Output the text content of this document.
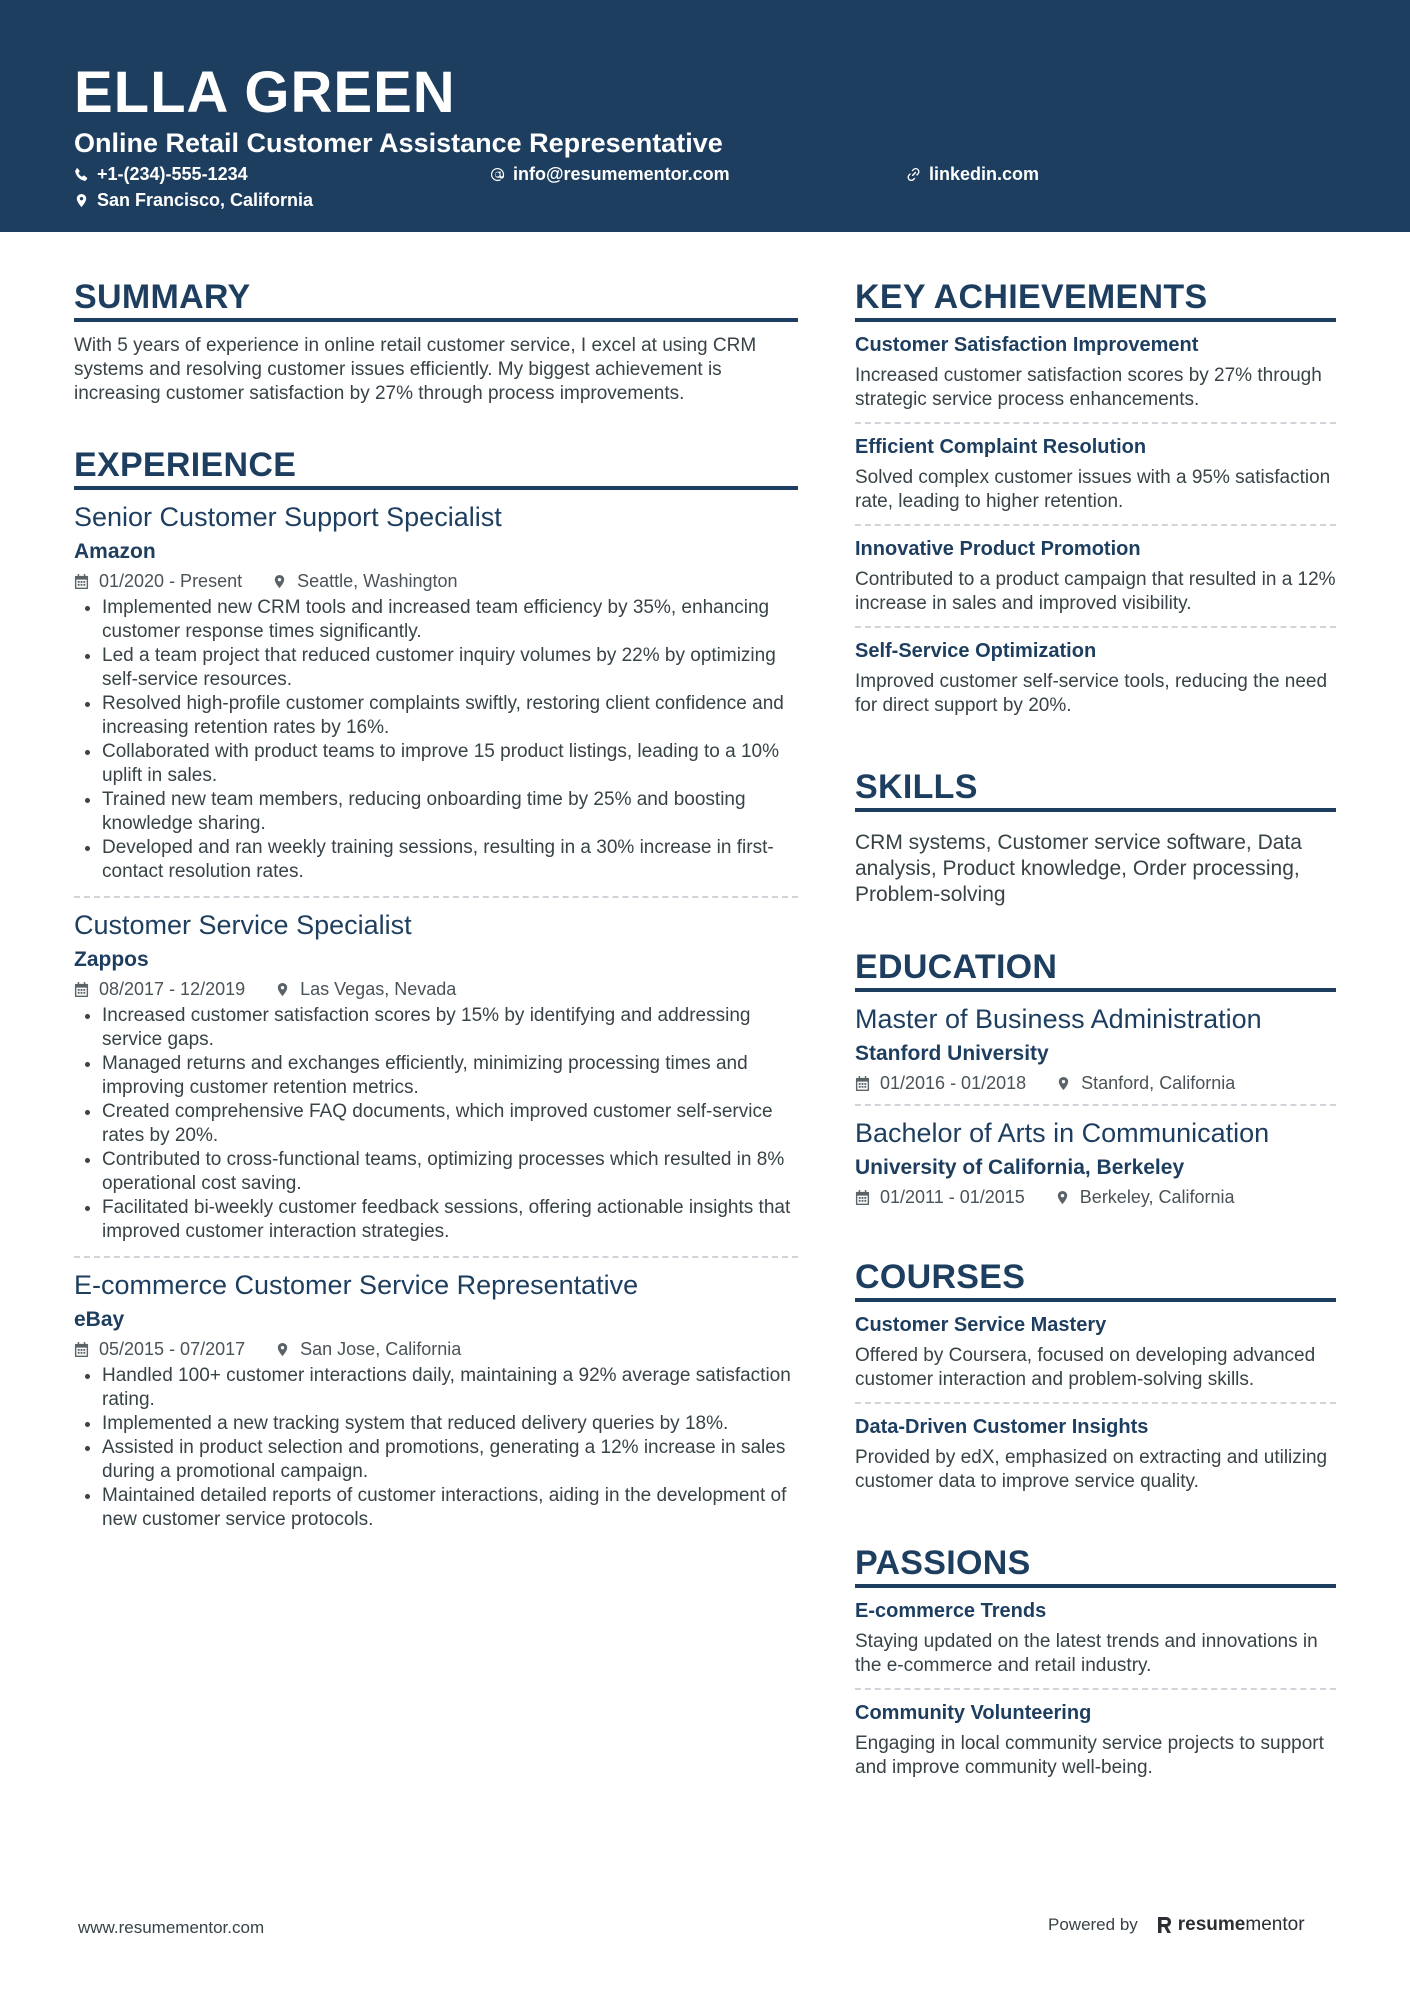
ELLA GREEN
Online Retail Customer Assistance Representative
+1-(234)-555-1234	info@resumementor.com	linkedin.com
San Francisco, California
SUMMARY
With 5 years of experience in online retail customer service, I excel at using CRM systems and resolving customer issues efficiently. My biggest achievement is increasing customer satisfaction by 27% through process improvements.
EXPERIENCE
Senior Customer Support Specialist
Amazon
01/2020 - Present	Seattle, Washington
• Implemented new CRM tools and increased team efficiency by 35%, enhancing customer response times significantly.
• Led a team project that reduced customer inquiry volumes by 22% by optimizing self-service resources.
• Resolved high-profile customer complaints swiftly, restoring client confidence and increasing retention rates by 16%.
• Collaborated with product teams to improve 15 product listings, leading to a 10% uplift in sales.
• Trained new team members, reducing onboarding time by 25% and boosting knowledge sharing.
• Developed and ran weekly training sessions, resulting in a 30% increase in first-contact resolution rates.
Customer Service Specialist
Zappos
08/2017 - 12/2019	Las Vegas, Nevada
• Increased customer satisfaction scores by 15% by identifying and addressing service gaps.
• Managed returns and exchanges efficiently, minimizing processing times and improving customer retention metrics.
• Created comprehensive FAQ documents, which improved customer self-service rates by 20%.
• Contributed to cross-functional teams, optimizing processes which resulted in 8% operational cost saving.
• Facilitated bi-weekly customer feedback sessions, offering actionable insights that improved customer interaction strategies.
E-commerce Customer Service Representative
eBay
05/2015 - 07/2017	San Jose, California
• Handled 100+ customer interactions daily, maintaining a 92% average satisfaction rating.
• Implemented a new tracking system that reduced delivery queries by 18%.
• Assisted in product selection and promotions, generating a 12% increase in sales during a promotional campaign.
• Maintained detailed reports of customer interactions, aiding in the development of new customer service protocols.
KEY ACHIEVEMENTS
Customer Satisfaction Improvement
Increased customer satisfaction scores by 27% through strategic service process enhancements.
Efficient Complaint Resolution
Solved complex customer issues with a 95% satisfaction rate, leading to higher retention.
Innovative Product Promotion
Contributed to a product campaign that resulted in a 12% increase in sales and improved visibility.
Self-Service Optimization
Improved customer self-service tools, reducing the need for direct support by 20%.
SKILLS
CRM systems, Customer service software, Data analysis, Product knowledge, Order processing, Problem-solving
EDUCATION
Master of Business Administration
Stanford University
01/2016 - 01/2018	Stanford, California
Bachelor of Arts in Communication
University of California, Berkeley
01/2011 - 01/2015	Berkeley, California
COURSES
Customer Service Mastery
Offered by Coursera, focused on developing advanced customer interaction and problem-solving skills.
Data-Driven Customer Insights
Provided by edX, emphasized on extracting and utilizing customer data to improve service quality.
PASSIONS
E-commerce Trends
Staying updated on the latest trends and innovations in the e-commerce and retail industry.
Community Volunteering
Engaging in local community service projects to support and improve community well-being.
www.resumementor.com	Powered by resumementor
